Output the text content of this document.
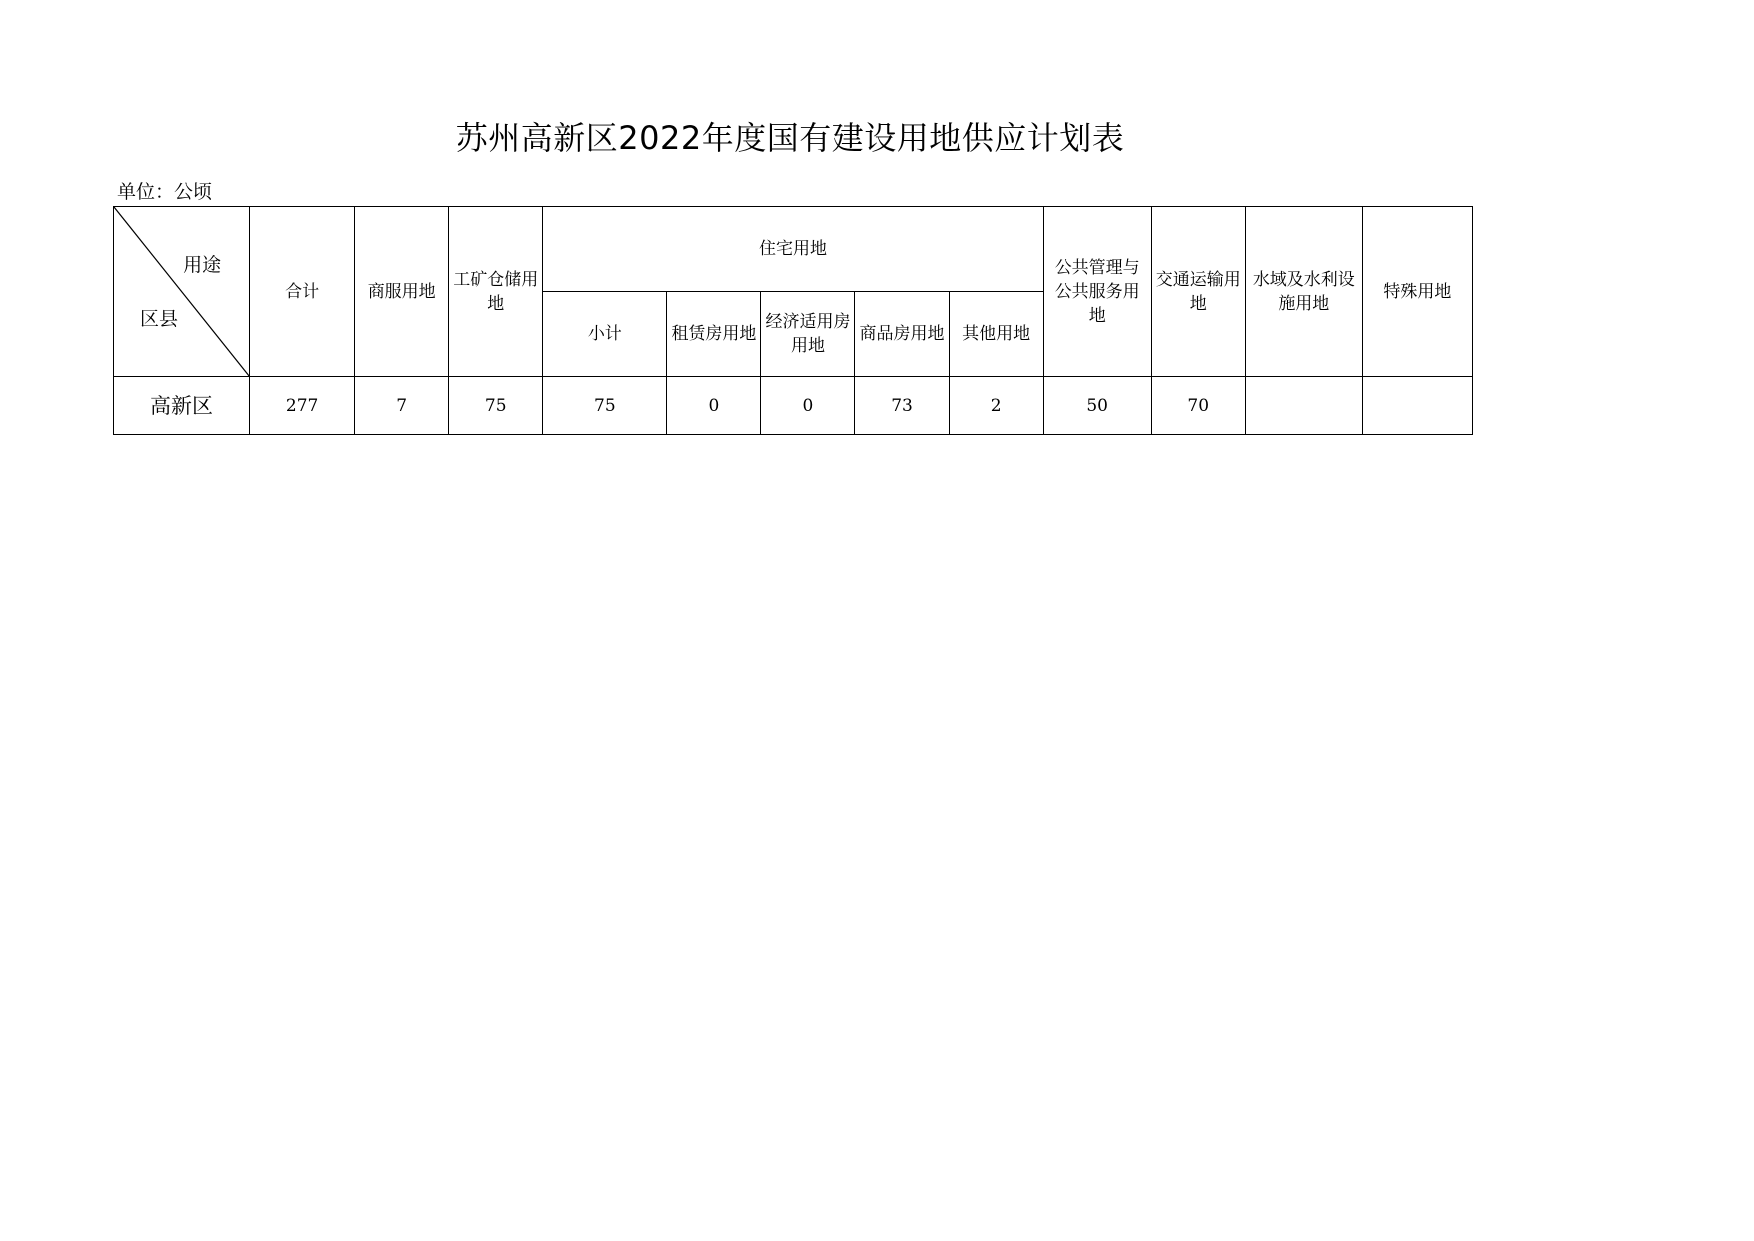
苏州高新区2022年度国有建设用地供应计划表
单位：公顷
用途
区县	合计	商服用地	工矿仓储用地	住宅用地					公共管理与公共服务用地	交通运输用地	水域及水利设施用地	特殊用地
				小计	租赁房用地	经济适用房用地	商品房用地	其他用地				
高新区	277	7	75	75	0	0	73	2	50	70		
